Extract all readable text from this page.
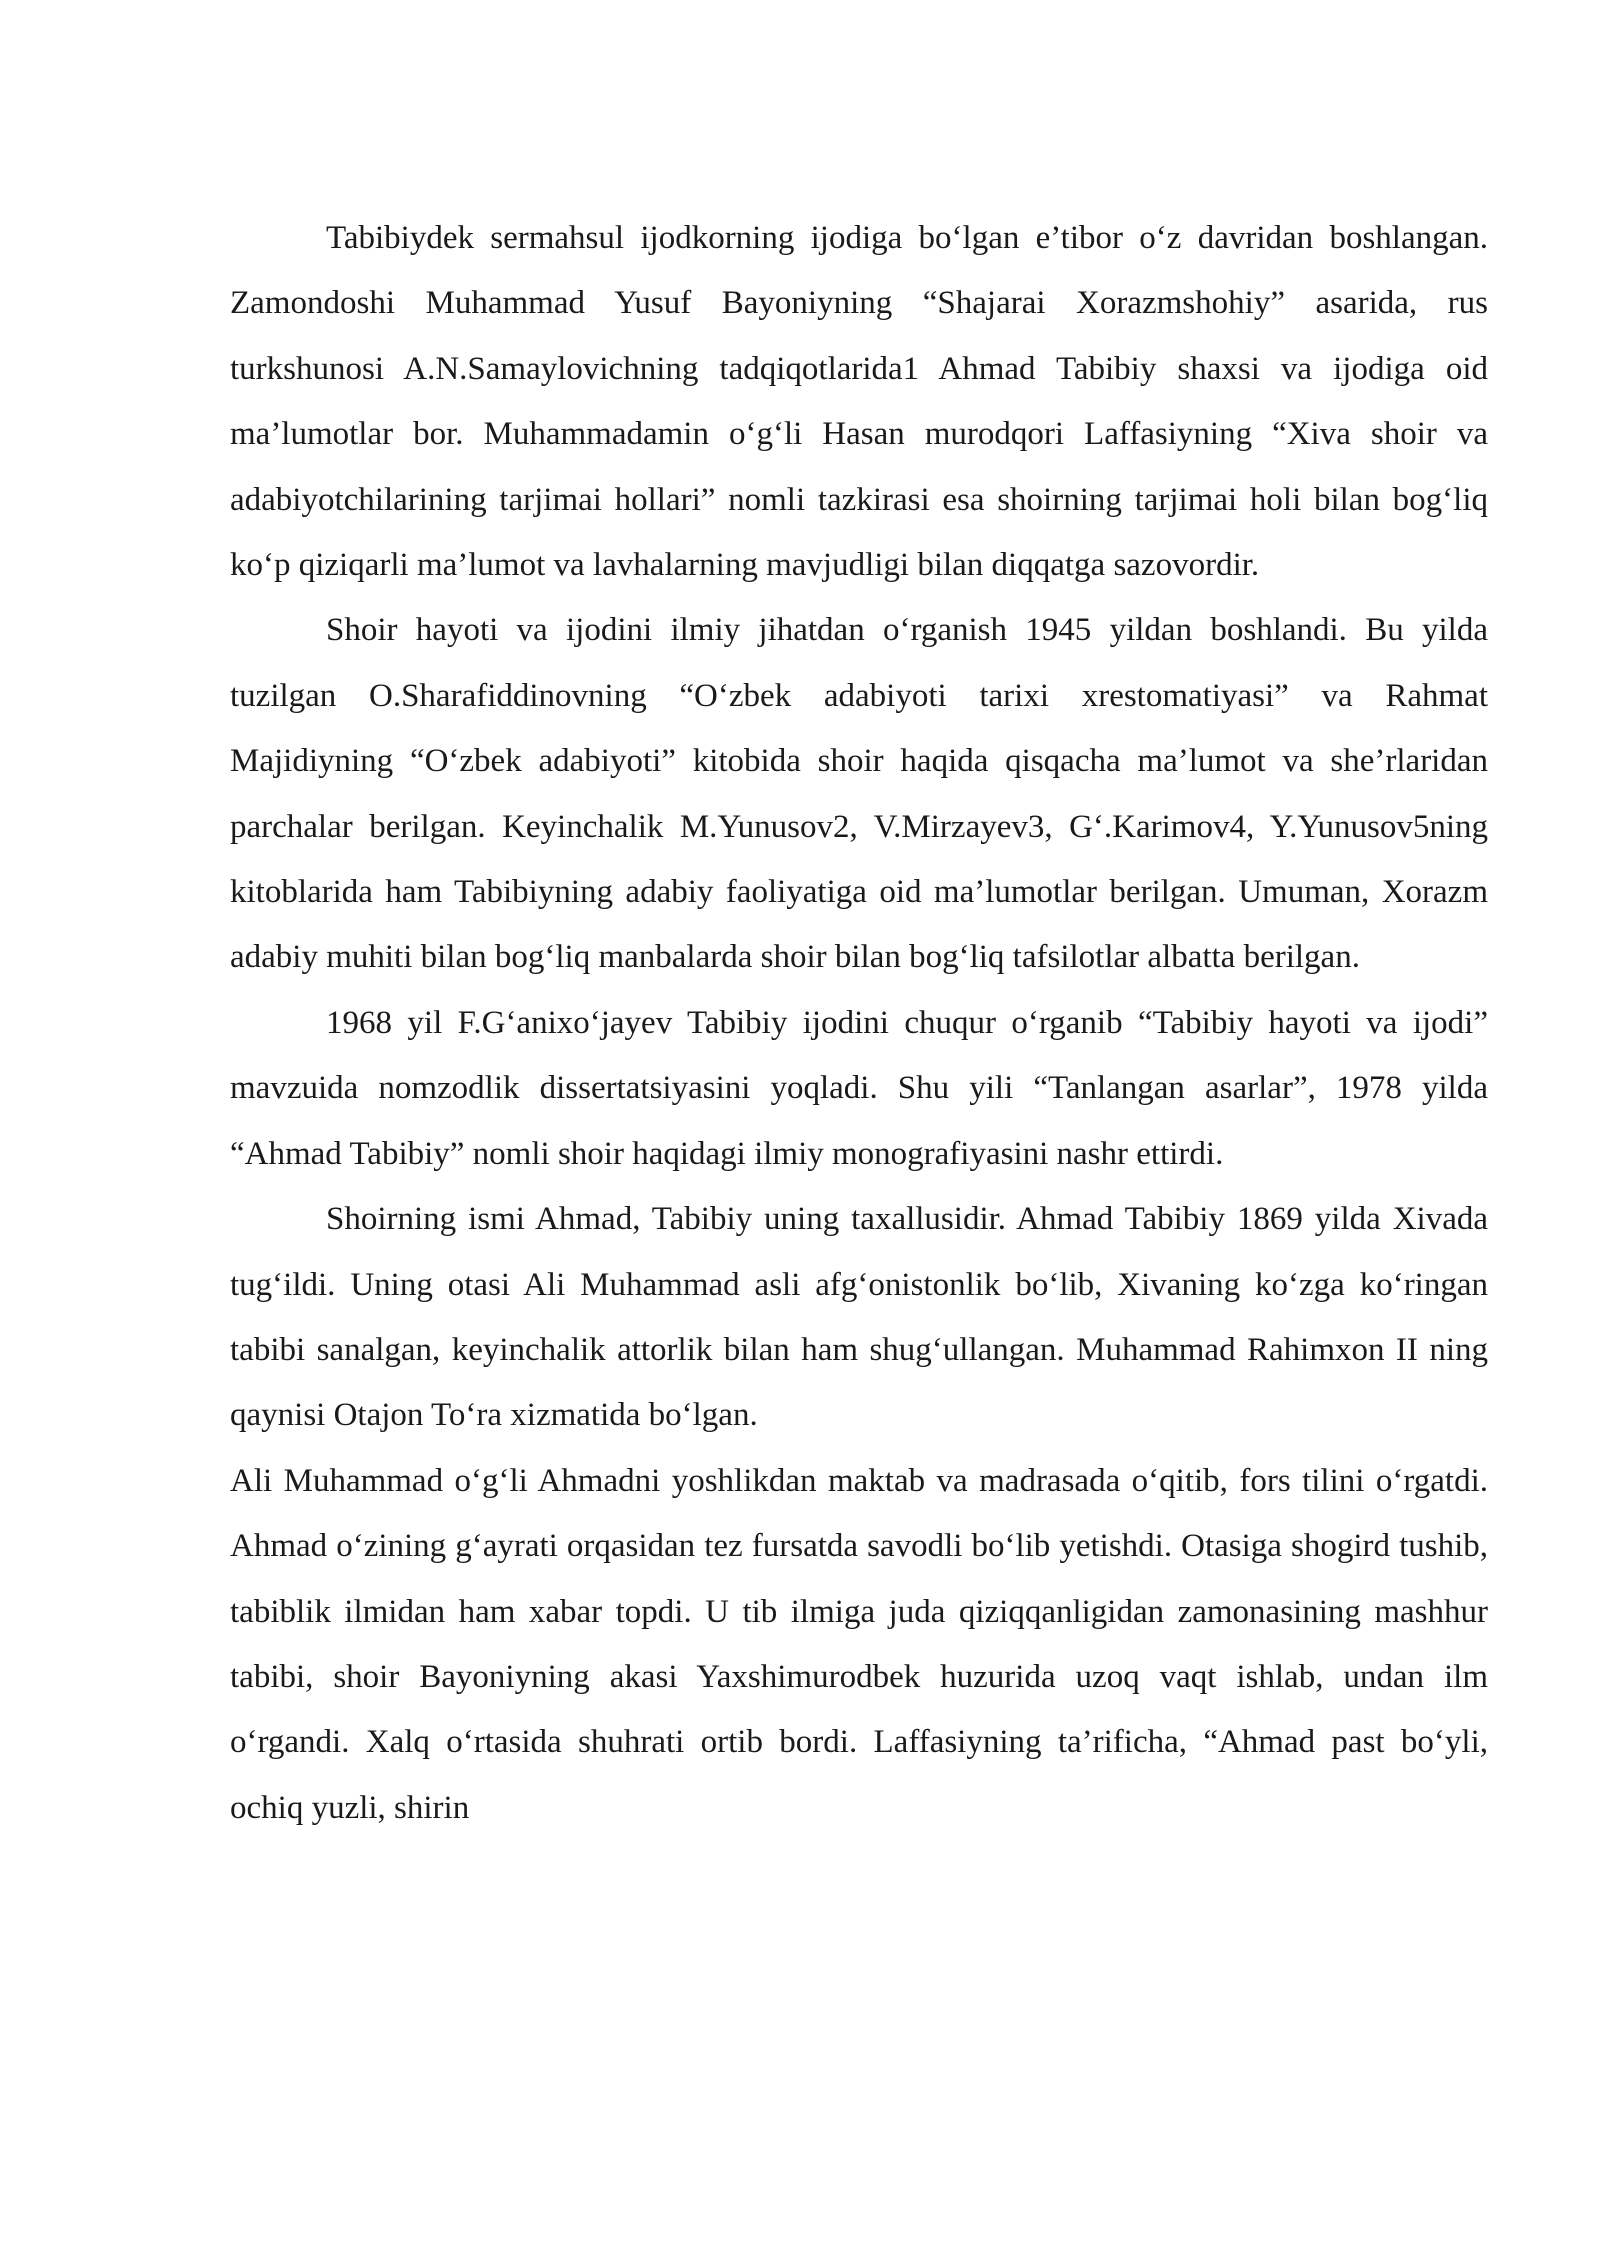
Tabibiydek sermahsul ijodkorning ijodiga bo‘lgan e’tibor o‘z davridan boshlangan. Zamondoshi Muhammad Yusuf Bayoniyning “Shajarai Xorazmshohiy” asarida, rus turkshunosi A.N.Samaylovichning tadqiqotlarida1 Ahmad Tabibiy shaxsi va ijodiga oid ma’lumotlar bor. Muhammadamin o‘g‘li Hasan murodqori Laffasiyning “Xiva shoir va adabiyotchilarining tarjimai hollari” nomli tazkirasi esa shoirning tarjimai holi bilan bog‘liq ko‘p qiziqarli ma’lumot va lavhalarning mavjudligi bilan diqqatga sazovordir.

Shoir hayoti va ijodini ilmiy jihatdan o‘rganish 1945 yildan boshlandi. Bu yilda tuzilgan O.Sharafiddinovning “O‘zbek adabiyoti tarixi xrestomatiyasi” va Rahmat Majidiyning “O‘zbek adabiyoti” kitobida shoir haqida qisqacha ma’lumot va she’rlaridan parchalar berilgan. Keyinchalik M.Yunusov2, V.Mirzayev3, G‘.Karimov4, Y.Yunusov5ning kitoblarida ham Tabibiyning adabiy faoliyatiga oid ma’lumotlar berilgan. Umuman, Xorazm adabiy muhiti bilan bog‘liq manbalarda shoir bilan bog‘liq tafsilotlar albatta berilgan.

1968 yil F.G‘anixo‘jayev Tabibiy ijodini chuqur o‘rganib “Tabibiy hayoti va ijodi” mavzuida nomzodlik dissertatsiyasini yoqladi. Shu yili “Tanlangan asarlar”, 1978 yilda “Ahmad Tabibiy” nomli shoir haqidagi ilmiy monografiyasini nashr ettirdi.

Shoirning ismi Ahmad, Tabibiy uning taxallusidir. Ahmad Tabibiy 1869 yilda Xivada tug‘ildi. Uning otasi Ali Muhammad asli afg‘onistonlik bo‘lib, Xivaning ko‘zga ko‘ringan tabibi sanalgan, keyinchalik attorlik bilan ham shug‘ullangan. Muhammad Rahimxon II ning qaynisi Otajon To‘ra xizmatida bo‘lgan.

Ali Muhammad o‘g‘li Ahmadni yoshlikdan maktab va madrasada o‘qitib, fors tilini o‘rgatdi. Ahmad o‘zining g‘ayrati orqasidan tez fursatda savodli bo‘lib yetishdi. Otasiga shogird tushib, tabiblik ilmidan ham xabar topdi. U tib ilmiga juda qiziqqanligidan zamonasining mashhur tabibi, shoir Bayoniyning akasi Yaxshimurodbek huzurida uzoq vaqt ishlab, undan ilm o‘rgandi. Xalq o‘rtasida shuhrati ortib bordi. Laffasiyning ta’rificha, “Ahmad past bo‘yli, ochiq yuzli, shirin
